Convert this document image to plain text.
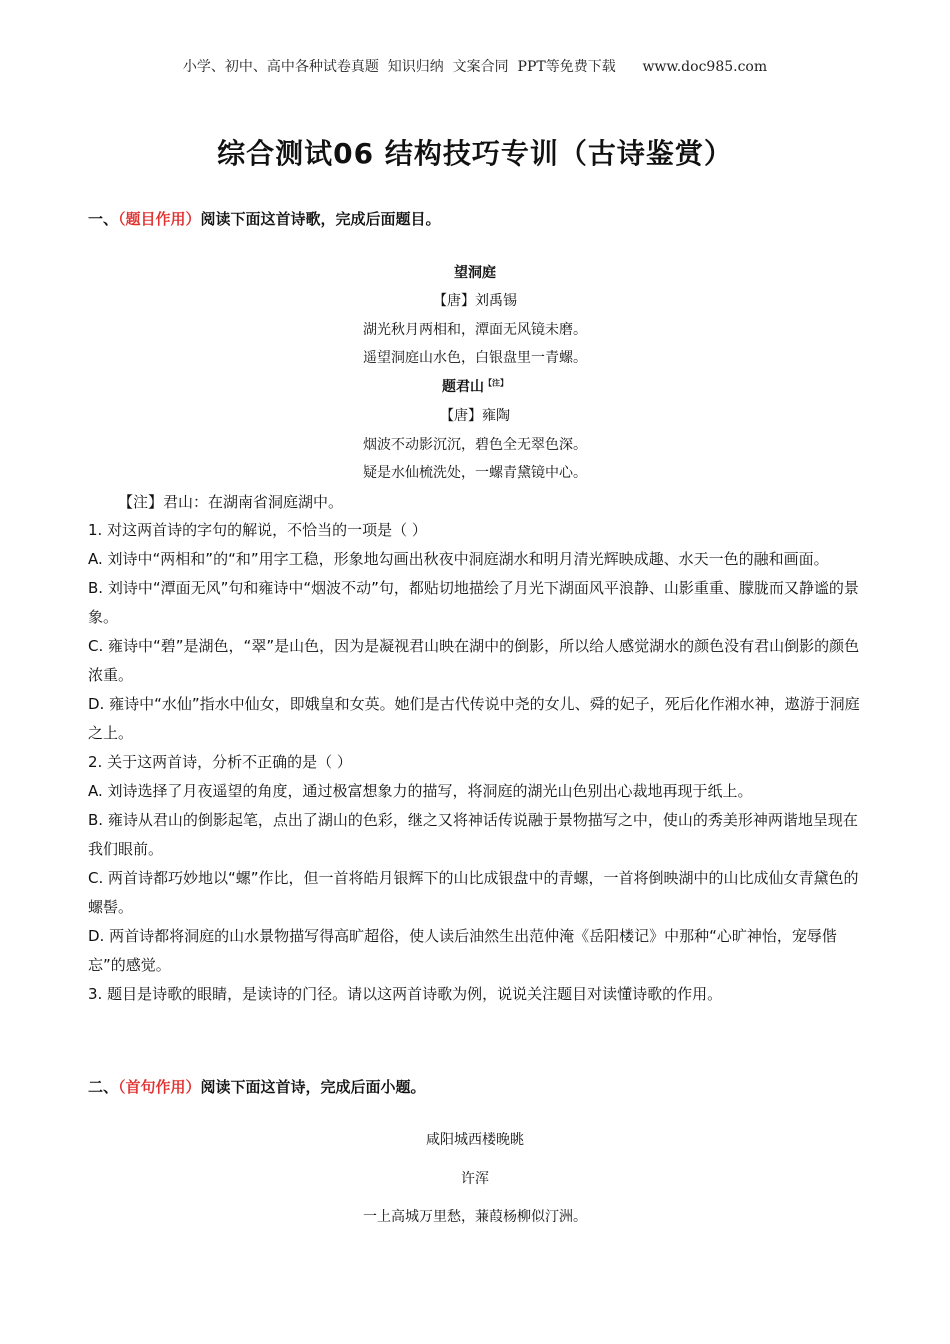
小学、初中、高中各种试卷真题  知识归纳  文案合同  PPT等免费下载      www.doc985.com
综合测试06 结构技巧专训（古诗鉴赏）
一、（题目作用）阅读下面这首诗歌，完成后面题目。
望洞庭
【唐】刘禹锡
湖光秋月两相和，潭面无风镜未磨。
遥望洞庭山水色，白银盘里一青螺。
题君山$^{【注】}$
【唐】雍陶
烟波不动影沉沉，碧色全无翠色深。
疑是水仙梳洗处，一螺青黛镜中心。
【注】君山：在湖南省洞庭湖中。
1. 对这两首诗的字句的解说，不恰当的一项是（ ）
A. 刘诗中“两相和”的“和”用字工稳，形象地勾画出秋夜中洞庭湖水和明月清光辉映成趣、水天一色的融和画面。
B. 刘诗中“潭面无风”句和雍诗中“烟波不动”句，都贴切地描绘了月光下湖面风平浪静、山影重重、朦胧而又静谧的景象。
C. 雍诗中“碧”是湖色，“翠”是山色，因为是凝视君山映在湖中的倒影，所以给人感觉湖水的颜色没有君山倒影的颜色浓重。
D. 雍诗中“水仙”指水中仙女，即娥皇和女英。她们是古代传说中尧的女儿、舜的妃子，死后化作湘水神，遨游于洞庭之上。
2. 关于这两首诗，分析不正确的是（ ）
A. 刘诗选择了月夜遥望的角度，通过极富想象力的描写，将洞庭的湖光山色别出心裁地再现于纸上。
B. 雍诗从君山的倒影起笔，点出了湖山的色彩，继之又将神话传说融于景物描写之中，使山的秀美形神两谐地呈现在我们眼前。
C. 两首诗都巧妙地以“螺”作比，但一首将皓月银辉下的山比成银盘中的青螺，一首将倒映湖中的山比成仙女青黛色的螺髻。
D. 两首诗都将洞庭的山水景物描写得高旷超俗，使人读后油然生出范仲淹《岳阳楼记》中那种“心旷神怡，宠辱偕忘”的感觉。
3. 题目是诗歌的眼睛，是读诗的门径。请以这两首诗歌为例，说说关注题目对读懂诗歌的作用。
二、（首句作用）阅读下面这首诗，完成后面小题。
咸阳城西楼晚眺
许浑
一上高城万里愁，蒹葭杨柳似汀洲。
